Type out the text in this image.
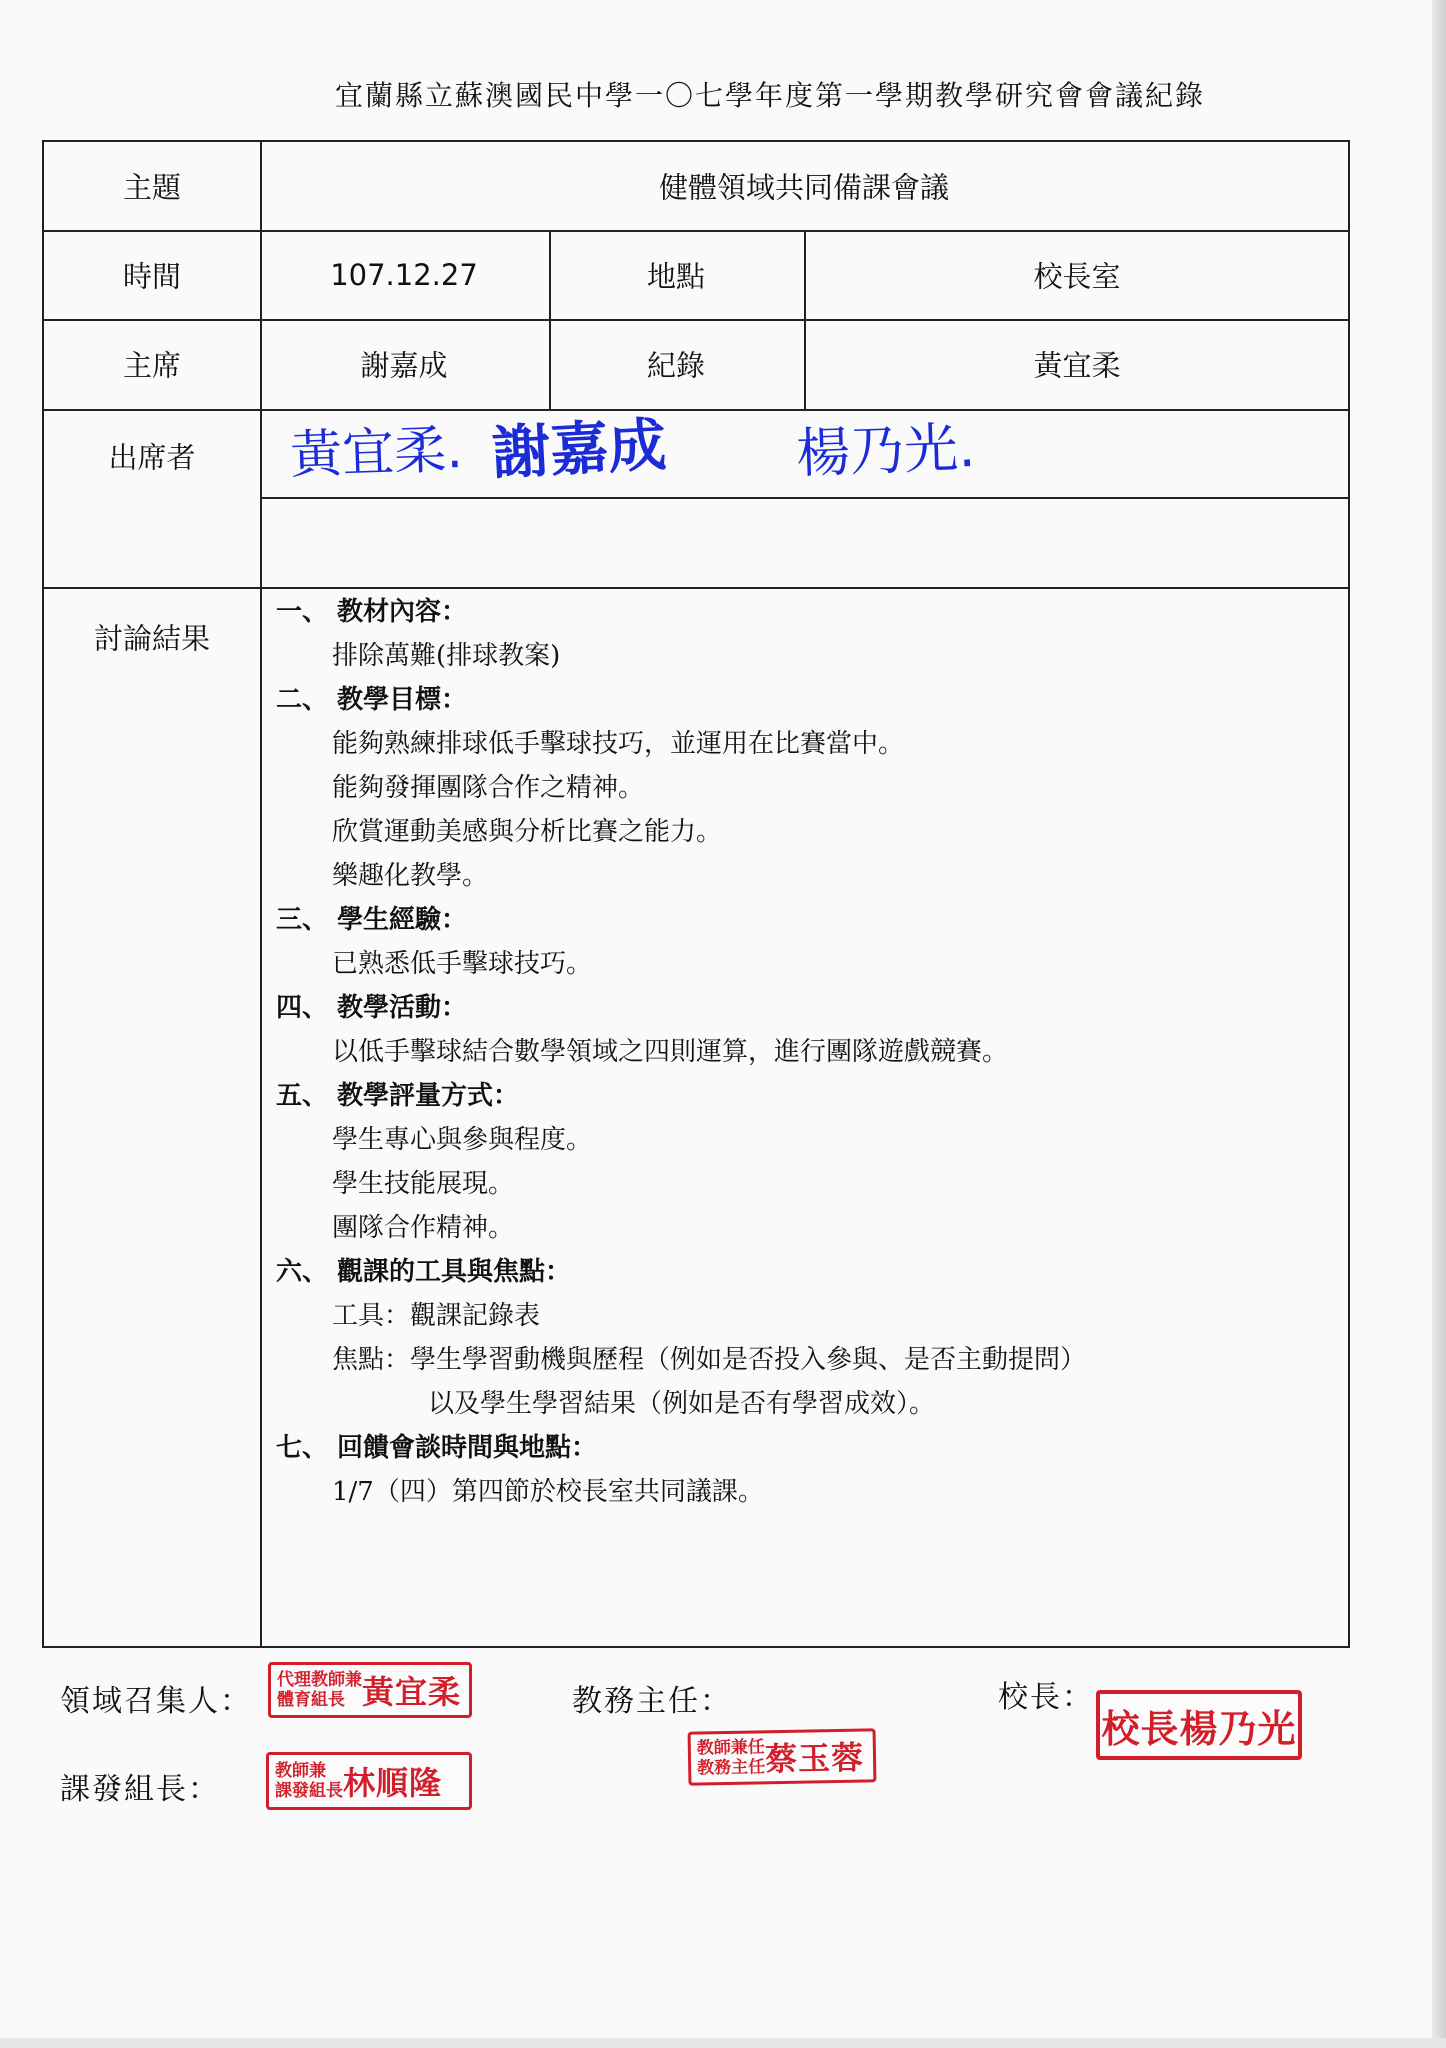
宜蘭縣立蘇澳國民中學一〇七學年度第一學期教學研究會會議紀錄
主題	健體領域共同備課會議
時間	107.12.27	地點	校長室
主席	謝嘉成	紀錄	黃宜柔
出席者 黃宜柔. 謝嘉成 楊乃光.
討論結果
一、 教材內容：
排除萬難(排球教案)
二、 教學目標：
能夠熟練排球低手擊球技巧，並運用在比賽當中。
能夠發揮團隊合作之精神。
欣賞運動美感與分析比賽之能力。
樂趣化教學。
三、 學生經驗：
已熟悉低手擊球技巧。
四、 教學活動：
以低手擊球結合數學領域之四則運算，進行團隊遊戲競賽。
五、 教學評量方式：
學生專心與參與程度。
學生技能展現。
團隊合作精神。
六、 觀課的工具與焦點：
工具：觀課記錄表
焦點：學生學習動機與歷程（例如是否投入參與、是否主動提問）
以及學生學習結果（例如是否有學習成效）。
七、 回饋會談時間與地點：
1/7（四）第四節於校長室共同議課。
領域召集人：
代理教師兼
體育組長 黃宜柔	教務主任：
教師兼任
教務主任 蔡玉蓉
校長：
校長楊乃光
課發組長：
教師兼
課發組長 林順隆
